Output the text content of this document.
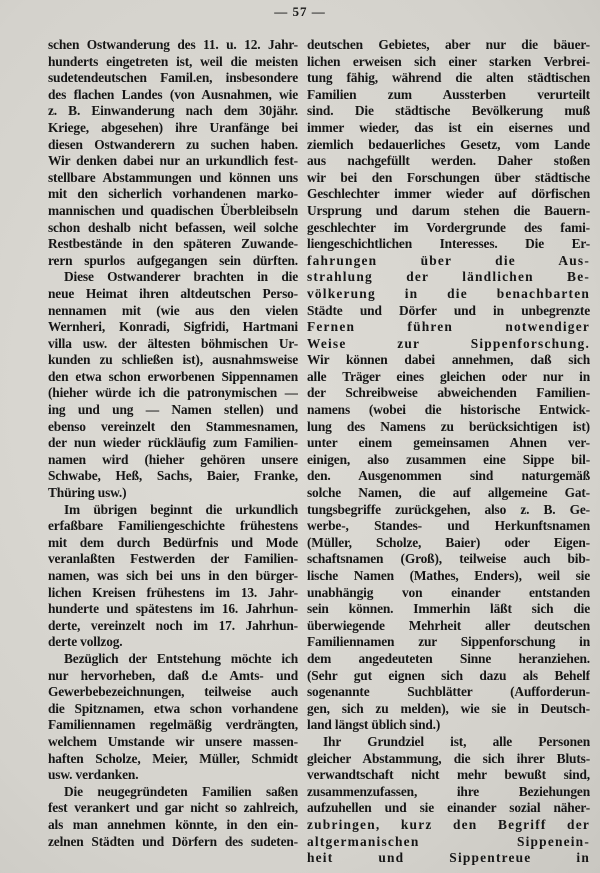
— 57 —
schen Ostwanderung des 11. u. 12. Jahr-
hunderts eingetreten ist, weil die meisten
sudetendeutschen Famil.en, insbesondere
des flachen Landes (von Ausnahmen, wie
z. B. Einwanderung nach dem 30jähr.
Kriege, abgesehen) ihre Uranfänge bei
diesen Ostwanderern zu suchen haben.
Wir denken dabei nur an urkundlich fest-
stellbare Abstammungen und können uns
mit den sicherlich vorhandenen marko-
mannischen und quadischen Überbleibseln
schon deshalb nicht befassen, weil solche
Restbestände in den späteren Zuwande-
rern spurlos aufgegangen sein dürften.
Diese Ostwanderer brachten in die
neue Heimat ihren altdeutschen Perso-
nennamen mit (wie aus den vielen
Wernheri, Konradi, Sigfridi, Hartmani
villa usw. der ältesten böhmischen Ur-
kunden zu schließen ist), ausnahmsweise
den etwa schon erworbenen Sippennamen
(hieher würde ich die patronymischen —
ing und ung — Namen stellen) und
ebenso vereinzelt den Stammesnamen,
der nun wieder rückläufig zum Familien-
namen wird (hieher gehören unsere
Schwabe, Heß, Sachs, Baier, Franke,
Thüring usw.)
Im übrigen beginnt die urkundlich
erfaßbare Familiengeschichte frühestens
mit dem durch Bedürfnis und Mode
veranlaßten Festwerden der Familien-
namen, was sich bei uns in den bürger-
lichen Kreisen frühestens im 13. Jahr-
hunderte und spätestens im 16. Jahrhun-
derte, vereinzelt noch im 17. Jahrhun-
derte vollzog.
Bezüglich der Entstehung möchte ich
nur hervorheben, daß d.e Amts- und
Gewerbebezeichnungen, teilweise auch
die Spitznamen, etwa schon vorhandene
Familiennamen regelmäßig verdrängten,
welchem Umstande wir unsere massen-
haften Scholze, Meier, Müller, Schmidt
usw. verdanken.
Die neugegründeten Familien saßen
fest verankert und gar nicht so zahlreich,
als man annehmen könnte, in den ein-
zelnen Städten und Dörfern des sudeten-
deutschen Gebietes, aber nur die bäuer-
lichen erweisen sich einer starken Verbrei-
tung fähig, während die alten städtischen
Familien zum Aussterben verurteilt
sind. Die städtische Bevölkerung muß
immer wieder, das ist ein eisernes und
ziemlich bedauerliches Gesetz, vom Lande
aus nachgefüllt werden. Daher stoßen
wir bei den Forschungen über städtische
Geschlechter immer wieder auf dörfischen
Ursprung und darum stehen die Bauern-
geschlechter im Vordergrunde des fami-
liengeschichtlichen Interesses. Die Er-
fahrungen über die Aus-
strahlung der ländlichen Be-
völkerung in die benachbarten
Städte und Dörfer und in unbegrenzte
Fernen führen notwendiger
Weise zur Sippenforschung.
Wir können dabei annehmen, daß sich
alle Träger eines gleichen oder nur in
der Schreibweise abweichenden Familien-
namens (wobei die historische Entwick-
lung des Namens zu berücksichtigen ist)
unter einem gemeinsamen Ahnen ver-
einigen, also zusammen eine Sippe bil-
den. Ausgenommen sind naturgemäß
solche Namen, die auf allgemeine Gat-
tungsbegriffe zurückgehen, also z. B. Ge-
werbe-, Standes- und Herkunftsnamen
(Müller, Scholze, Baier) oder Eigen-
schaftsnamen (Groß), teilweise auch bib-
lische Namen (Mathes, Enders), weil sie
unabhängig von einander entstanden
sein können. Immerhin läßt sich die
überwiegende Mehrheit aller deutschen
Familiennamen zur Sippenforschung in
dem angedeuteten Sinne heranziehen.
(Sehr gut eignen sich dazu als Behelf
sogenannte Suchblätter (Aufforderun-
gen, sich zu melden), wie sie in Deutsch-
land längst üblich sind.)
Ihr Grundziel ist, alle Personen
gleicher Abstammung, die sich ihrer Bluts-
verwandtschaft nicht mehr bewußt sind,
zusammenzufassen, ihre Beziehungen
aufzuhellen und sie einander sozial näher-
zubringen, kurz den Begriff der
altgermanischen Sippenein-
heit und Sippentreue in
